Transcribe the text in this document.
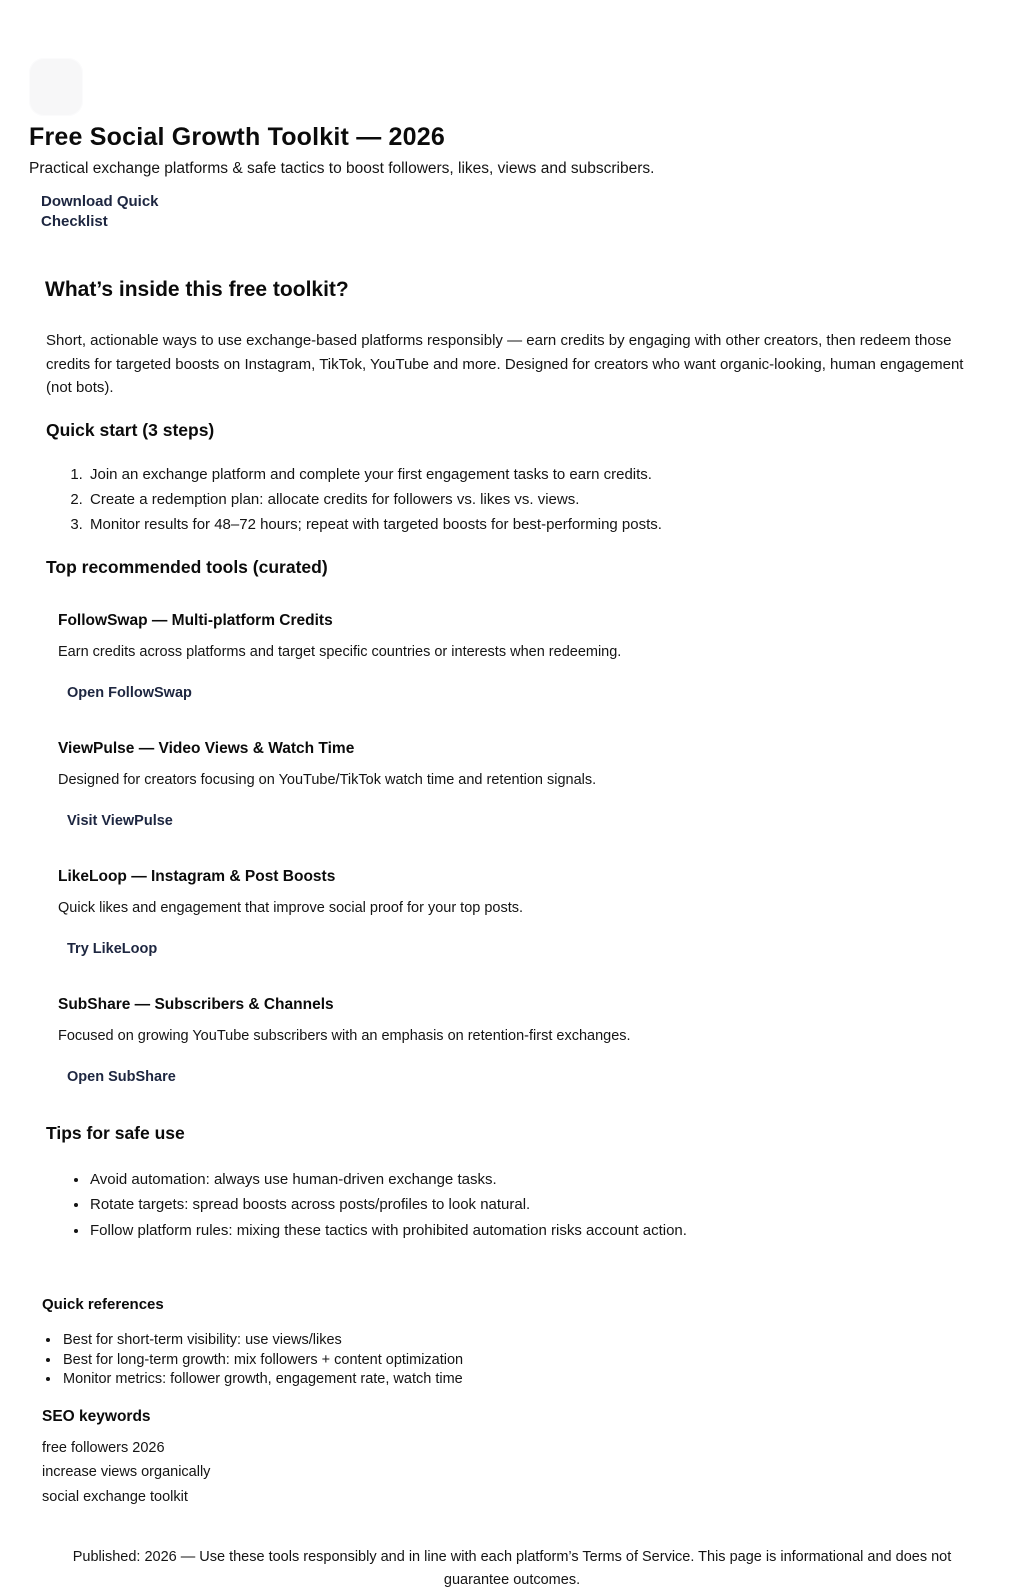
Free Social Growth Toolkit — 2026

Practical exchange platforms & safe tactics to boost followers, likes, views and subscribers.

Download Quick Checklist
What’s inside this free toolkit?

Short, actionable ways to use exchange-based platforms responsibly — earn credits by engaging with other creators, then redeem those credits for targeted boosts on Instagram, TikTok, YouTube and more. Designed for creators who want organic-looking, human engagement (not bots).

Quick start (3 steps)
1. Join an exchange platform and complete your first engagement tasks to earn credits.
2. Create a redemption plan: allocate credits for followers vs. likes vs. views.
3. Monitor results for 48–72 hours; repeat with targeted boosts for best-performing posts.
Top recommended tools (curated)
FollowSwap — Multi-platform Credits

Earn credits across platforms and target specific countries or interests when redeeming.

Open FollowSwap
ViewPulse — Video Views & Watch Time

Designed for creators focusing on YouTube/TikTok watch time and retention signals.

Visit ViewPulse
LikeLoop — Instagram & Post Boosts

Quick likes and engagement that improve social proof for your top posts.

Try LikeLoop
SubShare — Subscribers & Channels

Focused on growing YouTube subscribers with an emphasis on retention-first exchanges.

Open SubShare
Tips for safe use
• Avoid automation: always use human-driven exchange tasks.
• Rotate targets: spread boosts across posts/profiles to look natural.
• Follow platform rules: mixing these tactics with prohibited automation risks account action.
Quick references
• Best for short-term visibility: use views/likes
• Best for long-term growth: mix followers + content optimization
• Monitor metrics: follower growth, engagement rate, watch time
SEO keywords

free followers 2026

increase views organically

social exchange toolkit

Published: 2026 — Use these tools responsibly and in line with each platform’s Terms of Service. This page is informational and does not guarantee outcomes.
